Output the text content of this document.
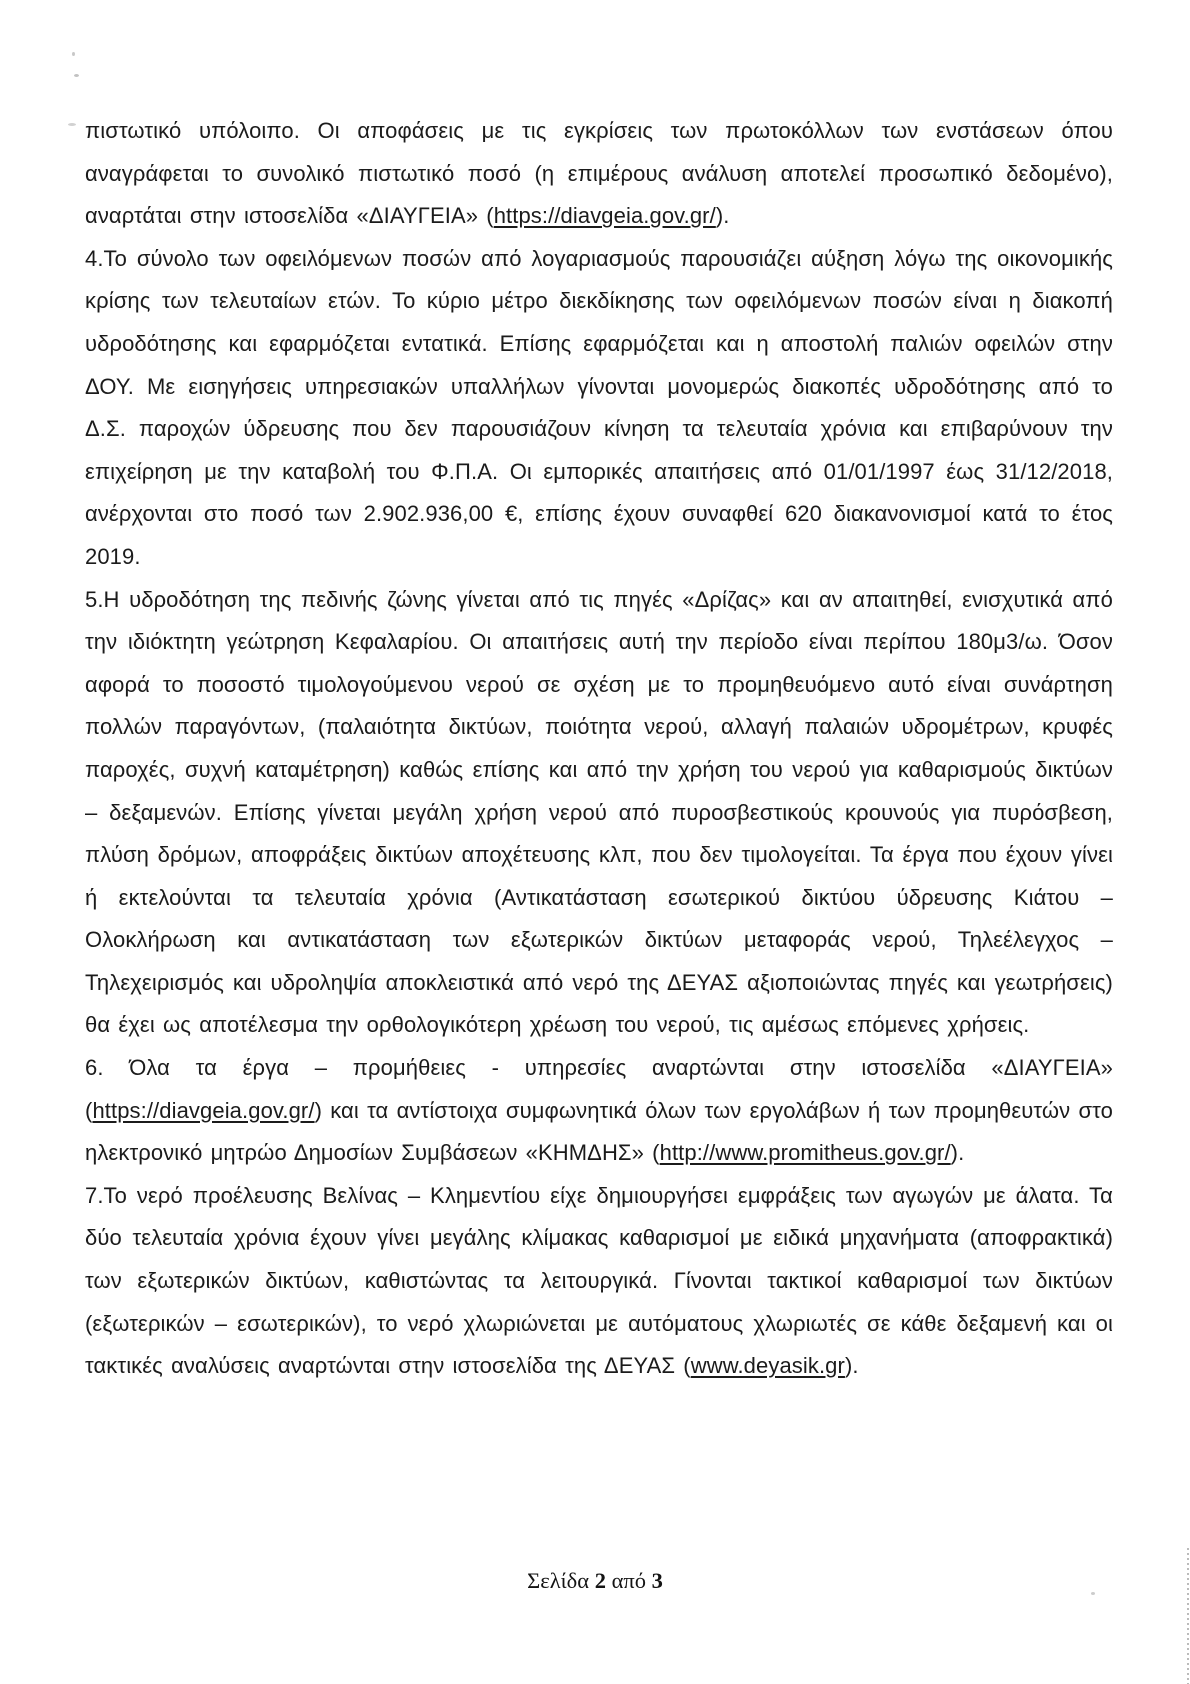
πιστωτικό υπόλοιπο. Οι αποφάσεις με τις εγκρίσεις των πρωτοκόλλων των ενστάσεων όπου αναγράφεται το συνολικό πιστωτικό ποσό (η επιμέρους ανάλυση αποτελεί προσωπικό δεδομένο), αναρτάται στην ιστοσελίδα «ΔΙΑΥΓΕΙΑ» (https://diavgeia.gov.gr/).

4.Το σύνολο των οφειλόμενων ποσών από λογαριασμούς παρουσιάζει αύξηση λόγω της οικονομικής κρίσης των τελευταίων ετών. Το κύριο μέτρο διεκδίκησης των οφειλόμενων ποσών είναι η διακοπή υδροδότησης και εφαρμόζεται εντατικά. Επίσης εφαρμόζεται και η αποστολή παλιών οφειλών στην ΔΟΥ. Με εισηγήσεις υπηρεσιακών υπαλλήλων γίνονται μονομερώς διακοπές υδροδότησης από το Δ.Σ. παροχών ύδρευσης που δεν παρουσιάζουν κίνηση τα τελευταία χρόνια και επιβαρύνουν την επιχείρηση με την καταβολή του Φ.Π.Α. Οι εμπορικές απαιτήσεις από 01/01/1997 έως 31/12/2018, ανέρχονται στο ποσό των 2.902.936,00 €, επίσης έχουν συναφθεί 620 διακανονισμοί κατά το έτος 2019.

5.Η υδροδότηση της πεδινής ζώνης γίνεται από τις πηγές «Δρίζας» και αν απαιτηθεί, ενισχυτικά από την ιδιόκτητη γεώτρηση Κεφαλαρίου. Οι απαιτήσεις αυτή την περίοδο είναι περίπου 180μ3/ω. Όσον αφορά το ποσοστό τιμολογούμενου νερού σε σχέση με το προμηθευόμενο αυτό είναι συνάρτηση πολλών παραγόντων, (παλαιότητα δικτύων, ποιότητα νερού, αλλαγή παλαιών υδρομέτρων, κρυφές παροχές, συχνή καταμέτρηση) καθώς επίσης και από την χρήση του νερού για καθαρισμούς δικτύων – δεξαμενών. Επίσης γίνεται μεγάλη χρήση νερού από πυροσβεστικούς κρουνούς για πυρόσβεση, πλύση δρόμων, αποφράξεις δικτύων αποχέτευσης κλπ, που δεν τιμολογείται. Τα έργα που έχουν γίνει ή εκτελούνται τα τελευταία χρόνια (Αντικατάσταση εσωτερικού δικτύου ύδρευσης Κιάτου – Ολοκλήρωση και αντικατάσταση των εξωτερικών δικτύων μεταφοράς νερού, Τηλεέλεγχος – Τηλεχειρισμός και υδροληψία αποκλειστικά από νερό της ΔΕΥΑΣ αξιοποιώντας πηγές και γεωτρήσεις) θα έχει ως αποτέλεσμα την ορθολογικότερη χρέωση του νερού, τις αμέσως επόμενες χρήσεις.

6. Όλα τα έργα – προμήθειες - υπηρεσίες αναρτώνται στην ιστοσελίδα «ΔΙΑΥΓΕΙΑ» (https://diavgeia.gov.gr/) και τα αντίστοιχα συμφωνητικά όλων των εργολάβων ή των προμηθευτών στο ηλεκτρονικό μητρώο Δημοσίων Συμβάσεων «ΚΗΜΔΗΣ» (http://www.promitheus.gov.gr/).

7.Το νερό προέλευσης Βελίνας – Κλημεντίου είχε δημιουργήσει εμφράξεις των αγωγών με άλατα. Τα δύο τελευταία χρόνια έχουν γίνει μεγάλης κλίμακας καθαρισμοί με ειδικά μηχανήματα (αποφρακτικά) των εξωτερικών δικτύων, καθιστώντας τα λειτουργικά. Γίνονται τακτικοί καθαρισμοί των δικτύων (εξωτερικών – εσωτερικών), το νερό χλωριώνεται με αυτόματους χλωριωτές σε κάθε δεξαμενή και οι τακτικές αναλύσεις αναρτώνται στην ιστοσελίδα της ΔΕΥΑΣ (www.deyasik.gr).

Σελίδα 2 από 3
